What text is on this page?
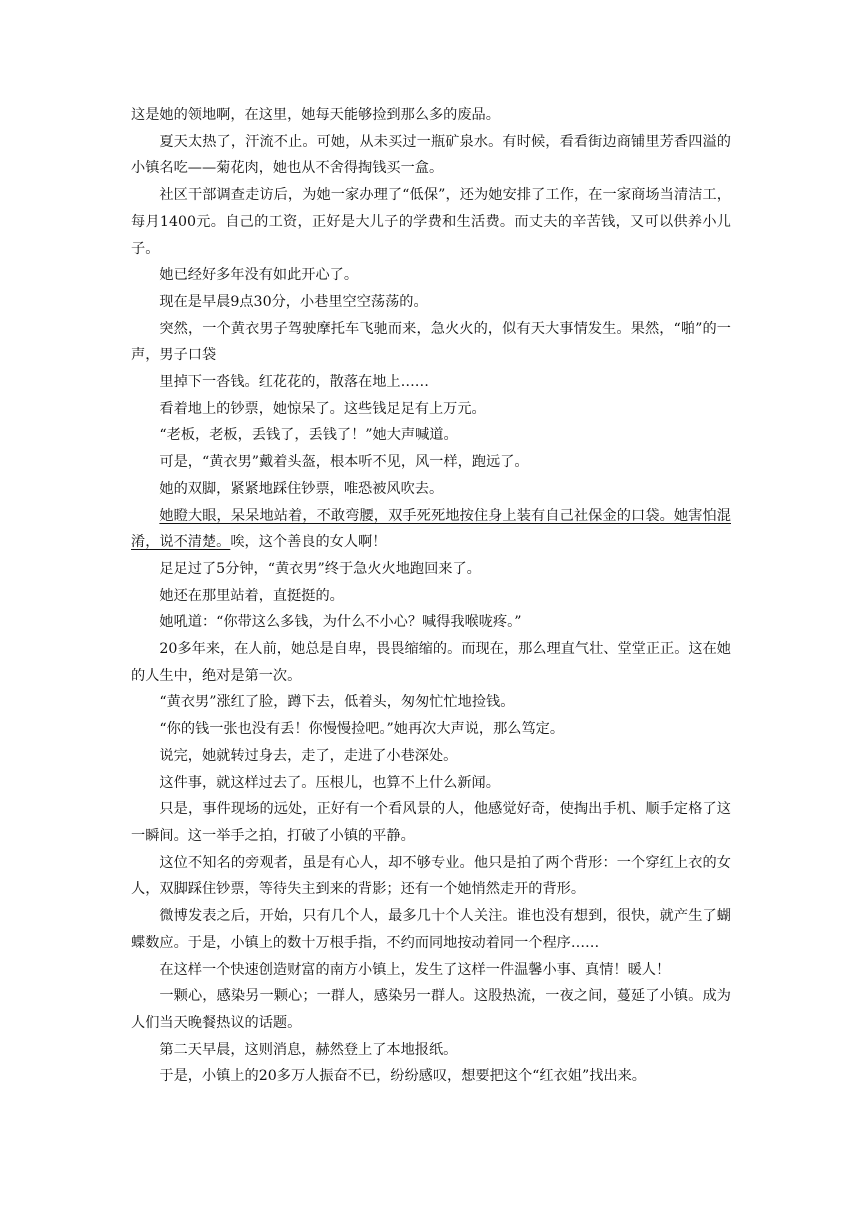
这是她的领地啊，在这里，她每天能够捡到那么多的废品。

夏天太热了，汗流不止。可她，从未买过一瓶矿泉水。有时候，看看街边商铺里芳香四溢的小镇名吃——菊花肉，她也从不舍得掏钱买一盒。

社区干部调查走访后，为她一家办理了“低保”，还为她安排了工作，在一家商场当清洁工，每月1400元。自己的工资，正好是大儿子的学费和生活费。而丈夫的辛苦钱，又可以供养小儿子。

她已经好多年没有如此开心了。

现在是早晨9点30分，小巷里空空荡荡的。

突然，一个黄衣男子驾驶摩托车飞驰而来，急火火的，似有天大事情发生。果然，“啪”的一声，男子口袋

里掉下一沓钱。红花花的，散落在地上……

看着地上的钞票，她惊呆了。这些钱足足有上万元。

“老板，老板，丢钱了，丢钱了！”她大声喊道。

可是，“黄衣男”戴着头盔，根本听不见，风一样，跑远了。

她的双脚，紧紧地踩住钞票，唯恐被风吹去。

她瞪大眼，呆呆地站着，不敢弯腰，双手死死地按住身上装有自己社保金的口袋。她害怕混淆，说不清楚。唉，这个善良的女人啊！

足足过了5分钟，“黄衣男”终于急火火地跑回来了。

她还在那里站着，直挺挺的。

她吼道：“你带这么多钱，为什么不小心？喊得我喉咙疼。”

20多年来，在人前，她总是自卑，畏畏缩缩的。而现在，那么理直气壮、堂堂正正。这在她的人生中，绝对是第一次。

“黄衣男”涨红了脸，蹲下去，低着头，匆匆忙忙地捡钱。

“你的钱一张也没有丢！你慢慢捡吧。”她再次大声说，那么笃定。

说完，她就转过身去，走了，走进了小巷深处。

这件事，就这样过去了。压根儿，也算不上什么新闻。

只是，事件现场的远处，正好有一个看风景的人，他感觉好奇，使掏出手机、顺手定格了这一瞬间。这一举手之拍，打破了小镇的平静。

这位不知名的旁观者，虽是有心人，却不够专业。他只是拍了两个背形：一个穿红上衣的女人，双脚踩住钞票，等待失主到来的背影；还有一个她悄然走开的背形。

微博发表之后，开始，只有几个人，最多几十个人关注。谁也没有想到，很快，就产生了蝴蝶数应。于是，小镇上的数十万根手指，不约而同地按动着同一个程序……

在这样一个快速创造财富的南方小镇上，发生了这样一件温馨小事、真情！暖人！

一颗心，感染另一颗心；一群人，感染另一群人。这股热流，一夜之间，蔓延了小镇。成为人们当天晚餐热议的话题。

第二天早晨，这则消息，赫然登上了本地报纸。

于是，小镇上的20多万人振奋不已，纷纷感叹，想要把这个“红衣姐”找出来。
